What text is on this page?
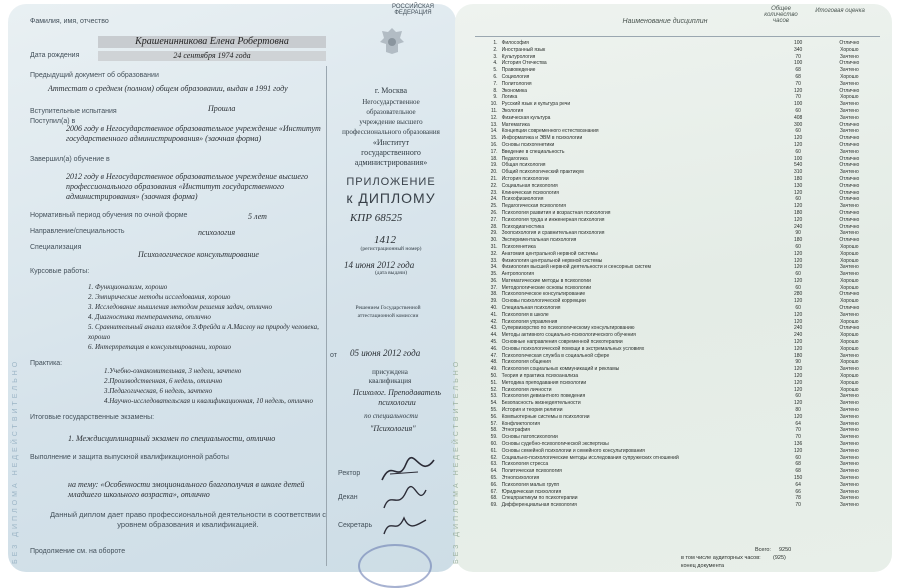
БЕЗ ДИПЛОМА НЕДЕЙСТВИТЕЛЬНО
РОССИЙСКАЯ ФЕДЕРАЦИЯ
Фамилия, имя, отчество
Крашенинникова Елена Робертовна
Дата рождения	24 сентября 1974 года
Предыдущий документ об образовании
Аттестат о среднем (полном) общем образовании, выдан в 1991 году
Вступительные испытания	Прошла
Поступил(а) в
2006 году в Негосударственное образовательное учреждение «Институт государственного администрирования» (заочная форма)
Завершил(а) обучение в
2012 году в Негосударственное образовательное учреждение высшего профессионального образования «Институт государственного администрирования» (заочная форма)
Нормативный период обучения по очной форме	5 лет
Направление/специальность	психология
Специализация
Психологическое консультирование
Курсовые работы:
1. Функционализм, хорошо
2. Эмпирические методы исследования, хорошо
3. Исследование мышления методом решения задач, отлично
4. Диагностика темперамента, отлично
5. Сравнительный анализ взглядов З.Фрейда и А.Маслоу на природу человека, хорошо
6. Интерпретация в консультировании, хорошо
Практика:
1.Учебно-ознакомительная, 3 недели, зачтено
2.Производственная, 6 недель, отлично
3.Педагогическая, 6 недель, зачтено
4.Научно-исследовательская и квалификационная, 10 недель, отлично
Итоговые государственные экзамены:
1. Междисциплинарный экзамен по специальности, отлично
Выполнение и защита выпускной квалификационной работы
на тему: «Особенности эмоционального благополучия в школе детей младшего школьного возраста», отлично
Данный диплом дает право профессиональной деятельности в соответствии с уровнем образования и квалификацией.
Продолжение см. на обороте
г. Москва
Негосударственное
образовательное
учреждение высшего
профессионального образования
«Институт
государственного
администрирования»
ПРИЛОЖЕНИЕ
к ДИПЛОМУ
КПР 68525
1412
(регистрационный номер)
14 июня 2012 года
(дата выдачи)
Решением Государственной аттестационной комиссии
от 05 июня 2012 года
присуждена квалификация
Психолог. Преподаватель психологии
по специальности
"Психология"
Ректор
Декан
Секретарь	БЕЗ ДИПЛОМА НЕДЕЙСТВИТЕЛЬНО
Наименование дисциплин
Общее количество часов
Итоговая оценка
1.	Философия	100	Отлично
2.	Иностранный язык	340	Хорошо
3.	Культурология	70	Зачтено
4.	История Отечества	100	Отлично
5.	Правоведение	68	Зачтено
6.	Социология	68	Хорошо
7.	Политология	70	Зачтено
8.	Экономика	120	Отлично
9.	Логика	70	Хорошо
10.	Русский язык и культура речи	100	Зачтено
11.	Экология	60	Зачтено
12.	Физическая культура	408	Зачтено
13.	Математика	300	Отлично
14.	Концепции современного естествознания	60	Зачтено
15.	Информатика и ЭВМ в психологии	120	Отлично
16.	Основы психогенетики	120	Отлично
17.	Введение в специальность	60	Зачтено
18.	Педагогика	100	Отлично
19.	Общая психология	540	Отлично
20.	Общий психологический практикум	310	Зачтено
21.	История психологии	180	Отлично
22.	Социальная психология	130	Отлично
23.	Клиническая психология	120	Отлично
24.	Психофизиология	60	Отлично
25.	Педагогическая психология	120	Зачтено
26.	Психология развития и возрастная психология	180	Отлично
27.	Психология труда и инженерная психология	120	Отлично
28.	Психодиагностика	240	Отлично
29.	Зоопсихология и сравнительная психология	90	Зачтено
30.	Экспериментальная психология	180	Отлично
31.	Психогенетика	60	Хорошо
32.	Анатомия центральной нервной системы	120	Хорошо
33.	Физиология центральной нервной системы	120	Хорошо
34.	Физиология высшей нервной деятельности и сенсорных систем	120	Зачтено
35.	Антропология	60	Зачтено
36.	Математические методы в психологии	120	Хорошо
37.	Методологические основы психологии	60	Хорошо
38.	Психологическое консультирование	280	Отлично
39.	Основы психологической коррекции	120	Хорошо
40.	Специальная психология	60	Отлично
41.	Психология в школе	120	Зачтено
42.	Психология управления	120	Хорошо
43.	Супервизорство по психологическому консультированию	240	Отлично
44.	Методы активного социально-психологического обучения	240	Хорошо
45.	Основные направления современной психотерапии	120	Хорошо
46.	Основы психологической помощи в экстремальных условиях	120	Хорошо
47.	Психологическая служба в социальной сфере	180	Зачтено
48.	Психология общения	90	Хорошо
49.	Психология социальных коммуникаций и рекламы	120	Зачтено
50.	Теория и практика психоанализа	120	Хорошо
51.	Методика преподавания психологии	120	Хорошо
52.	Психология личности	120	Хорошо
53.	Психология девиантного поведения	60	Зачтено
54.	Безопасность жизнедеятельности	120	Зачтено
55.	История и теория религии	80	Зачтено
56.	Компьютерные системы в психологии	120	Зачтено
57.	Конфликтология	64	Зачтено
58.	Этнография	70	Зачтено
59.	Основы патопсихологии	70	Зачтено
60.	Основы судебно-психологической экспертизы	136	Зачтено
61.	Основы семейной психологии и семейного консультирования	120	Зачтено
62.	Социально-психологические методы исследования супружеских отношений	60	Зачтено
63.	Психология стресса	68	Зачтено
64.	Политическая психология	68	Зачтено
65.	Этнопсихология	150	Зачтено
66.	Психология малых групп	64	Зачтено
67.	Юридическая психология	66	Зачтено
68.	Спецпрактикум по психотерапии	78	Зачтено
69.	Дифференциальная психология	70	Зачтено
Всего: 9250
в том числе аудиторных часов: (925)
конец документа
